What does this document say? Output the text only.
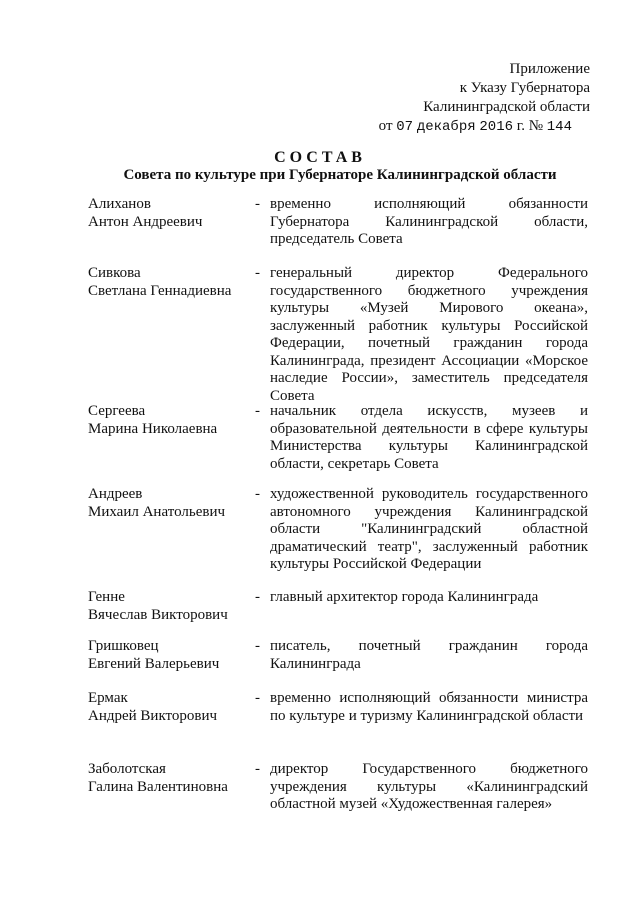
Приложение
к Указу Губернатора
Калининградской области
от 07 декабря 2016 г. № 144
СОСТАВ
Совета по культуре при Губернаторе Калининградской области
Алиханов
Антон Андреевич
- временно исполняющий обязанности Губернатора Калининградской области, председатель Совета
Сивкова
Светлана Геннадиевна
- генеральный директор Федерального государственного бюджетного учреждения культуры «Музей Мирового океана», заслуженный работник культуры Российской Федерации, почетный гражданин города Калининграда, президент Ассоциации «Морское наследие России», заместитель председателя Совета
Сергеева
Марина Николаевна
- начальник отдела искусств, музеев и образовательной деятельности в сфере культуры Министерства культуры Калининградской области, секретарь Совета
Андреев
Михаил Анатольевич
- художественной руководитель государственного автономного учреждения Калининградской области "Калининградский областной драматический театр", заслуженный работник культуры Российской Федерации
Генне
Вячеслав Викторович
- главный архитектор города Калининграда
Гришковец
Евгений Валерьевич
- писатель, почетный гражданин города Калининграда
Ермак
Андрей Викторович
- временно исполняющий обязанности министра по культуре и туризму Калининградской области
Заболотская
Галина Валентиновна
- директор Государственного бюджетного учреждения культуры «Калининградский областной музей «Художественная галерея»
